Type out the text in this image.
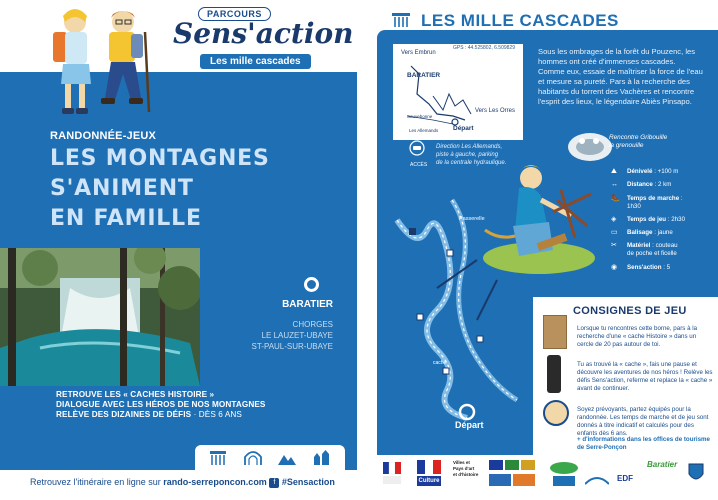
PARCOURS
Sens'action
Les mille cascades
RANDONNÉE-JEUX
LES MONTAGNES
S'ANIMENT
EN FAMILLE
BARATIER
CHORGES
LE LAUZET-UBAYE
ST-PAUL-SUR-UBAYE
RETROUVE LES « CACHES HISTOIRE »
DIALOGUE AVEC LES HÉROS DE NOS MONTAGNES
RELÈVE DES DIZAINES DE DÉFIS · DÈS 6 ANS
Retrouvez l'itinéraire en ligne sur rando-serreponcon.com f #Sensaction
LES MILLE CASCADES
GPS : 44.525802, 6.509829
Vers Embrun
BARATIER
Vers Les Orres
Départ
Les Allemands
Sauvebonne
ACCÈS
Direction Les Allemands,
piste à gauche, parking
de la centrale hydraulique.
Sous les ombrages de la forêt du Pouzenc, les hommes ont créé d'immenses cascades. Comme eux, essaie de maîtriser la force de l'eau et mesure sa pureté. Pars à la recherche des habitants du torrent des Vachères et rencontre l'esprit des lieux, le légendaire Abiès Pinsapo.
Rencontre Gribouille
la grenouille
Passerelle
Départ
cache
⛰ Dénivelé : +100 m
↔ Distance : 2 km
🥾 Temps de marche :
1h30
◈ Temps de jeu : 2h30
▭ Balisage : jaune
✂ Matériel : couteau
de poche et ficelle
◉ Sens'action : 5
CONSIGNES DE JEU
Lorsque tu rencontres cette borne, pars à la recherche d'une « cache Histoire » dans un cercle de 20 pas autour de toi.
Tu as trouvé la « cache », fais une pause et découvre les aventures de nos héros ! Relève les défis Sens'action, referme et replace la « cache » avant de continuer.
Soyez prévoyants, partez équipés pour la randonnée. Les temps de marche et de jeu sont donnés à titre indicatif et calculés pour des enfants dès 6 ans.
+ d'informations dans les offices de tourisme de Serre-Ponçon
Culture
Villes et Pays d'art et d'histoire	EDF
Baratier
